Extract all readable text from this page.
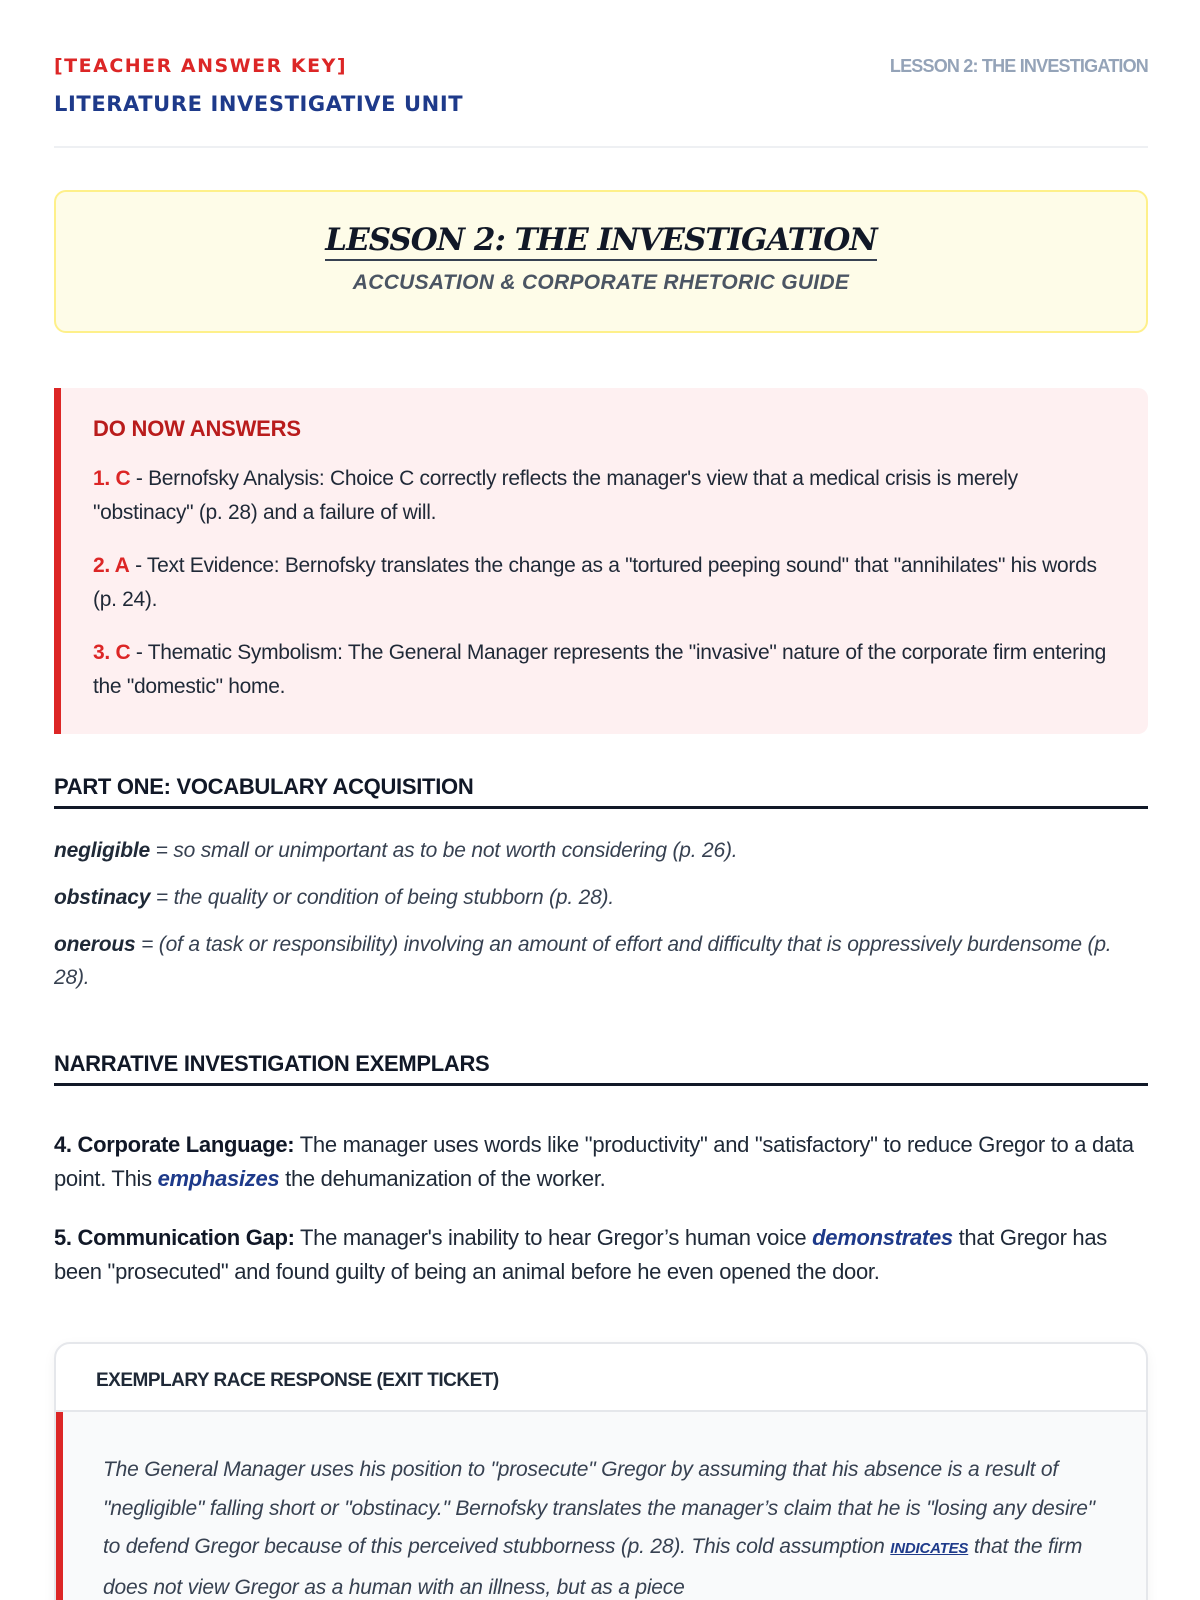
[TEACHER ANSWER KEY]
LITERATURE INVESTIGATIVE UNIT
LESSON 2: THE INVESTIGATION
LESSON 2: THE INVESTIGATION
ACCUSATION & CORPORATE RHETORIC GUIDE
DO NOW ANSWERS

1. C - Bernofsky Analysis: Choice C correctly reflects the manager's view that a medical crisis is merely "obstinacy" (p. 28) and a failure of will.

2. A - Text Evidence: Bernofsky translates the change as a "tortured peeping sound" that "annihilates" his words (p. 24).

3. C - Thematic Symbolism: The General Manager represents the "invasive" nature of the corporate firm entering the "domestic" home.

PART ONE: VOCABULARY ACQUISITION

negligible = so small or unimportant as to be not worth considering (p. 26).

obstinacy = the quality or condition of being stubborn (p. 28).

onerous = (of a task or responsibility) involving an amount of effort and difficulty that is oppressively burdensome (p. 28).

NARRATIVE INVESTIGATION EXEMPLARS

4. Corporate Language: The manager uses words like "productivity" and "satisfactory" to reduce Gregor to a data point. This emphasizes the dehumanization of the worker.

5. Communication Gap: The manager's inability to hear Gregor’s human voice demonstrates that Gregor has been "prosecuted" and found guilty of being an animal before he even opened the door.

EXEMPLARY RACE RESPONSE (EXIT TICKET)

The General Manager uses his position to "prosecute" Gregor by assuming that his absence is a result of "negligible" falling short or "obstinacy." Bernofsky translates the manager’s claim that he is "losing any desire" to defend Gregor because of this perceived stubborness (p. 28). This cold assumption INDICATES that the firm does not view Gregor as a human with an illness, but as a piece
